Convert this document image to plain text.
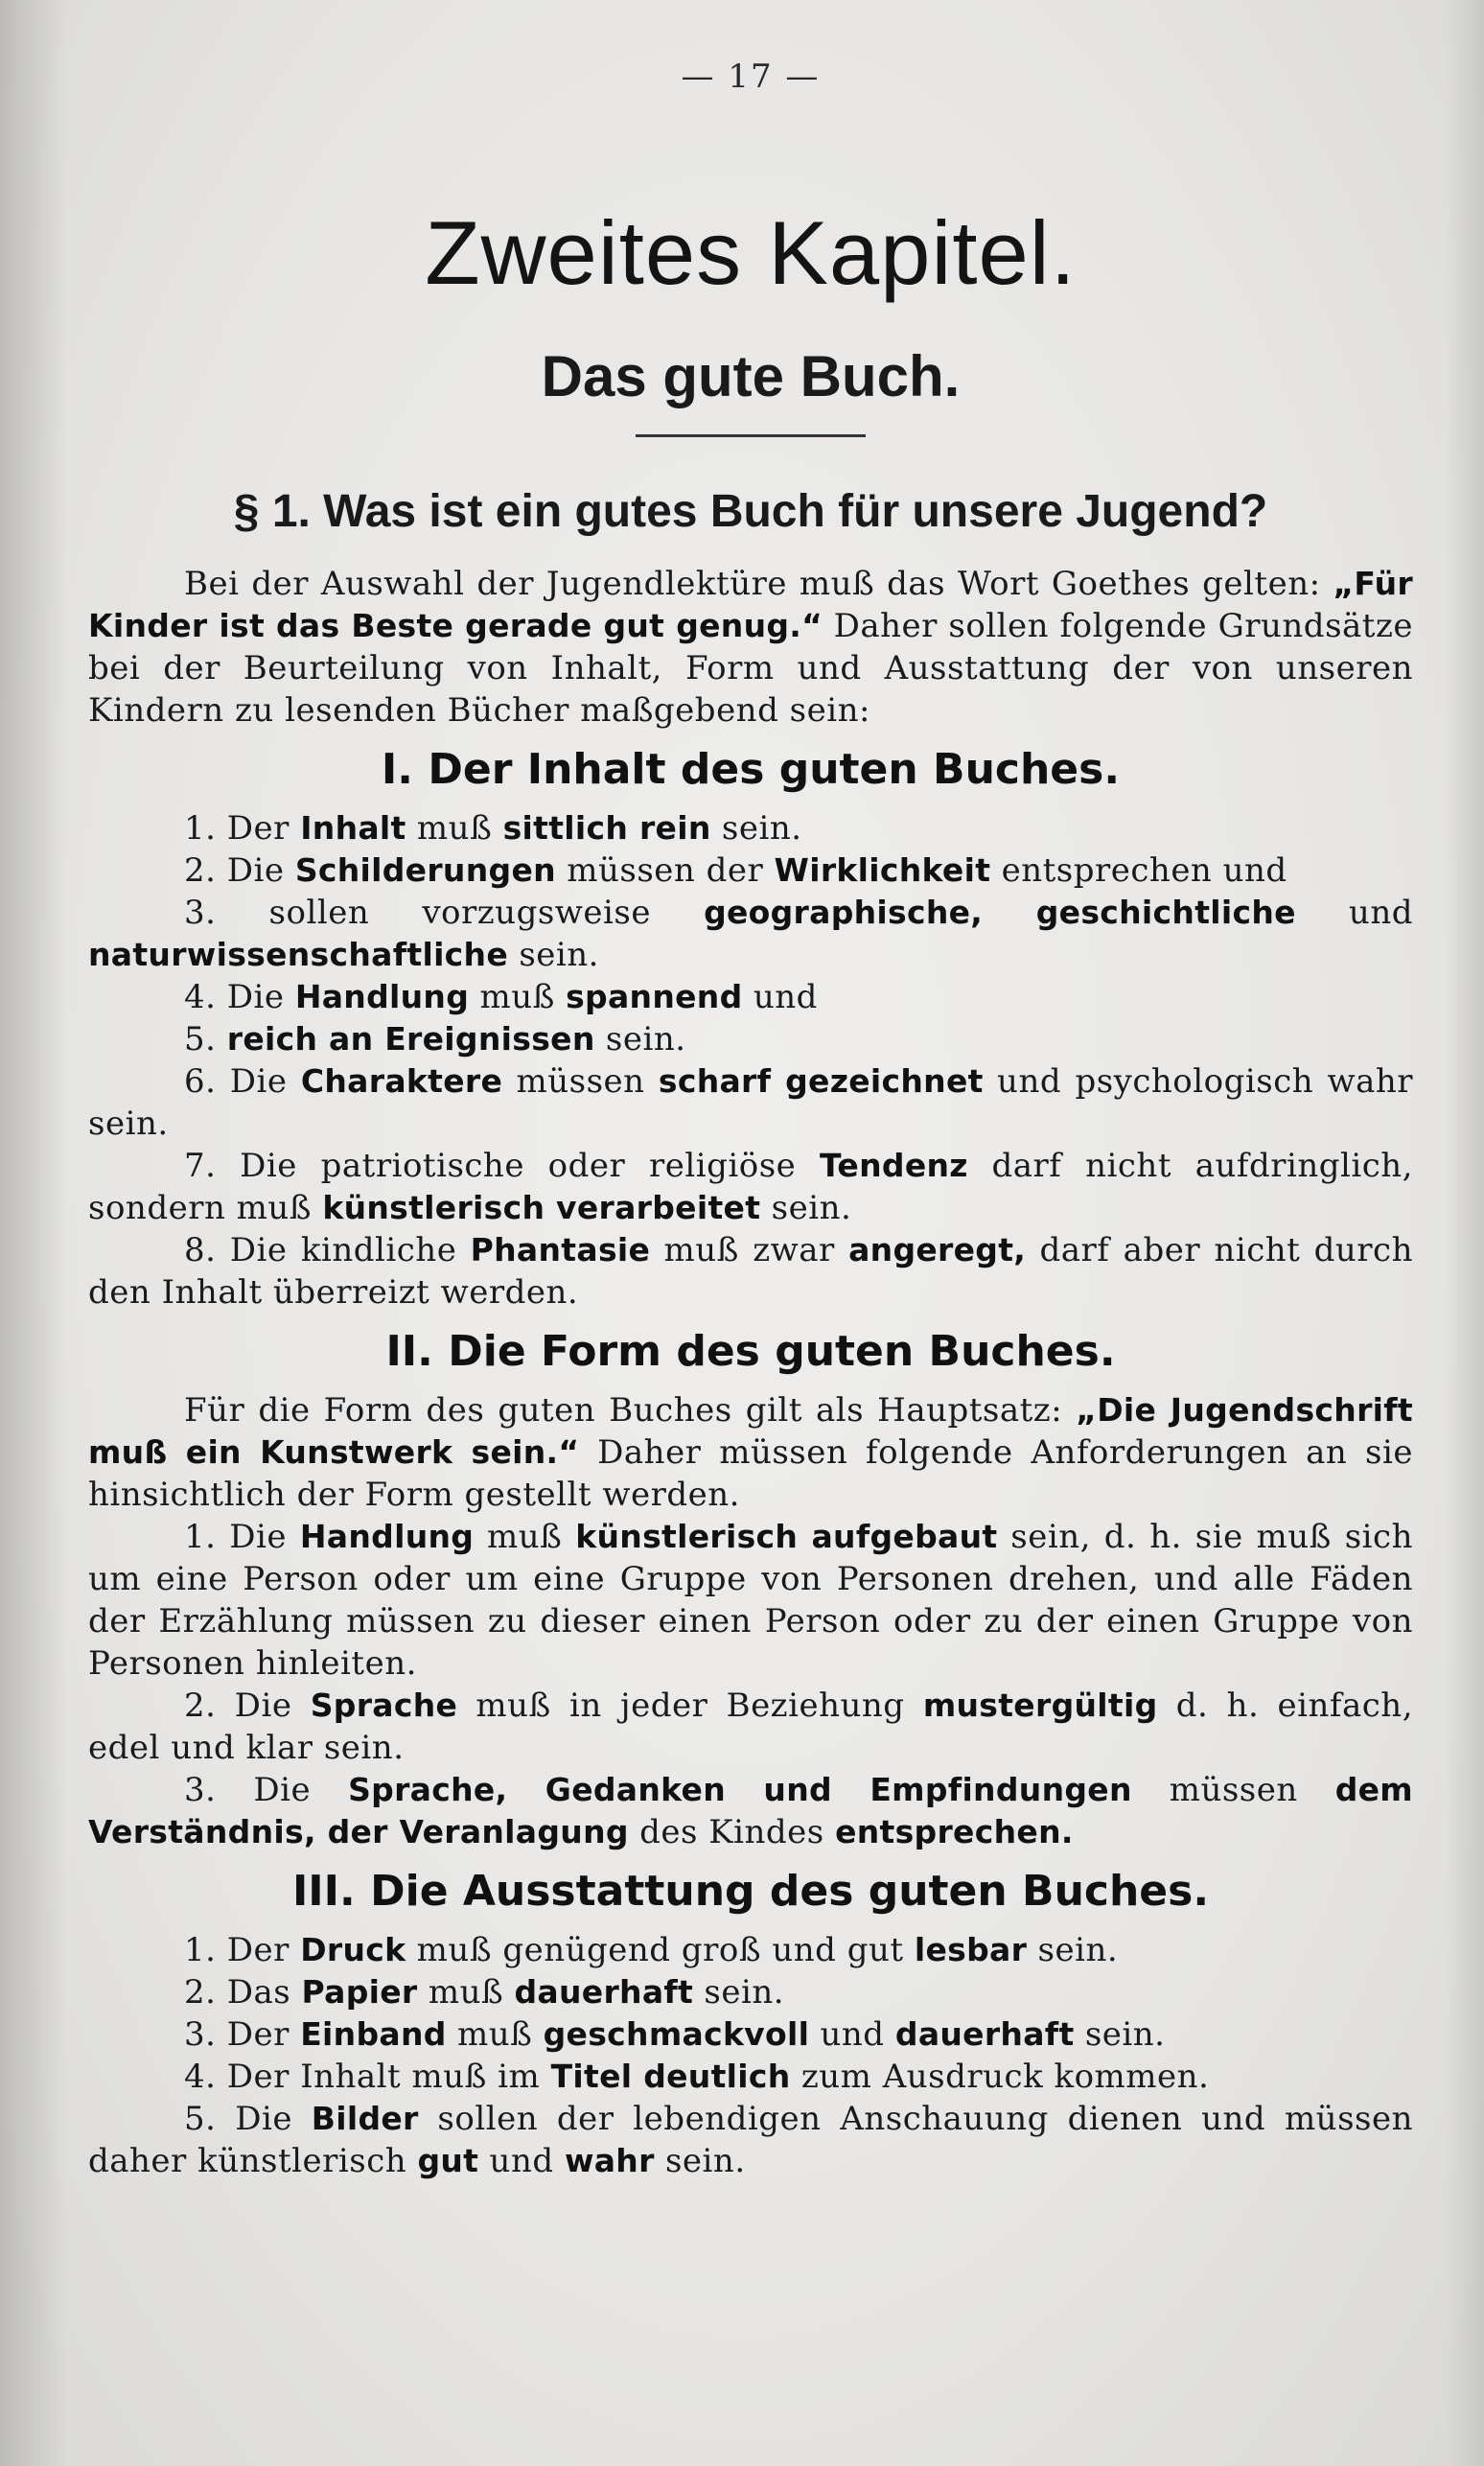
— 17 —
Zweites Kapitel.
Das gute Buch.
§ 1. Was ist ein gutes Buch für unsere Jugend?

Bei der Auswahl der Jugendlektüre muß das Wort Goethes gelten: „Für Kinder ist das Beste gerade gut genug.“ Daher sollen folgende Grundsätze bei der Beurteilung von Inhalt, Form und Ausstattung der von unseren Kindern zu lesenden Bücher maßgebend sein:

I. Der Inhalt des guten Buches.

1. Der Inhalt muß sittlich rein sein.

2. Die Schilderungen müssen der Wirklichkeit entsprechen und

3. sollen vorzugsweise geographische, geschichtliche und naturwissenschaftliche sein.

4. Die Handlung muß spannend und

5. reich an Ereignissen sein.

6. Die Charaktere müssen scharf gezeichnet und psychologisch wahr sein.

7. Die patriotische oder religiöse Tendenz darf nicht aufdringlich, sondern muß künstlerisch verarbeitet sein.

8. Die kindliche Phantasie muß zwar angeregt, darf aber nicht durch den Inhalt überreizt werden.

II. Die Form des guten Buches.

Für die Form des guten Buches gilt als Hauptsatz: „Die Jugendschrift muß ein Kunstwerk sein.“ Daher müssen folgende Anforderungen an sie hinsichtlich der Form gestellt werden.

1. Die Handlung muß künstlerisch aufgebaut sein, d. h. sie muß sich um eine Person oder um eine Gruppe von Personen drehen, und alle Fäden der Erzählung müssen zu dieser einen Person oder zu der einen Gruppe von Personen hinleiten.

2. Die Sprache muß in jeder Beziehung mustergültig d. h. einfach, edel und klar sein.

3. Die Sprache, Gedanken und Empfindungen müssen dem Verständnis, der Veranlagung des Kindes entsprechen.

III. Die Ausstattung des guten Buches.

1. Der Druck muß genügend groß und gut lesbar sein.

2. Das Papier muß dauerhaft sein.

3. Der Einband muß geschmackvoll und dauerhaft sein.

4. Der Inhalt muß im Titel deutlich zum Ausdruck kommen.

5. Die Bilder sollen der lebendigen Anschauung dienen und müssen daher künstlerisch gut und wahr sein.
